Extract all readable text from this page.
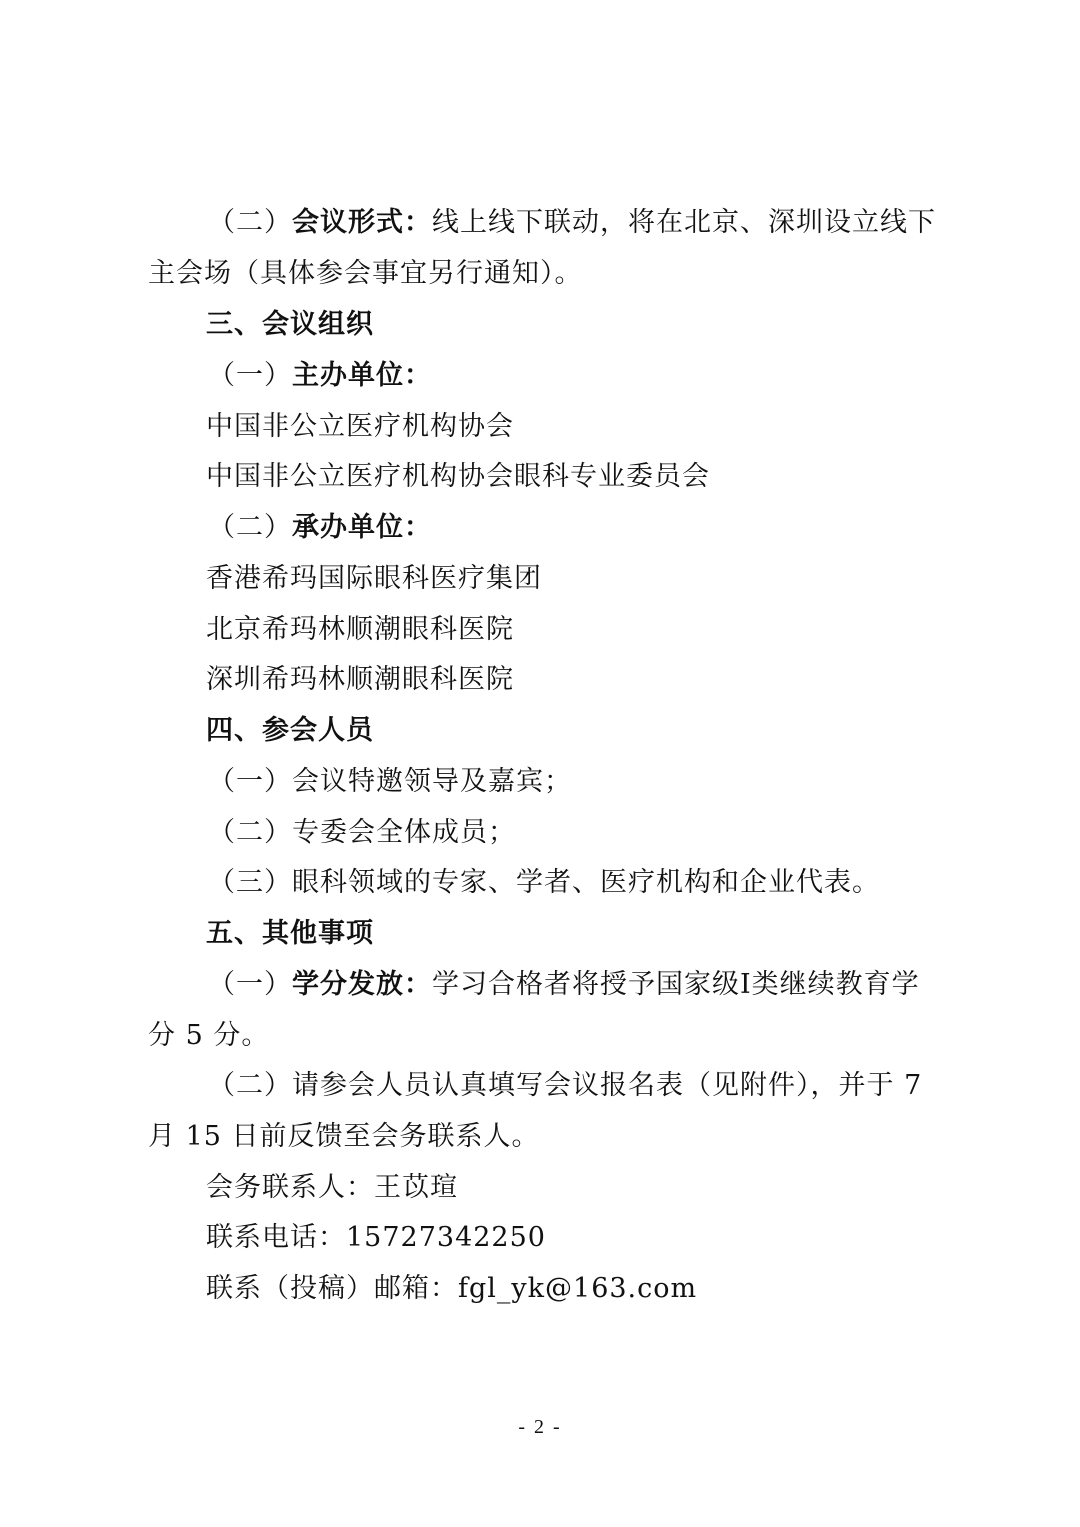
（二）会议形式：线上线下联动，将在北京、深圳设立线下
主会场（具体参会事宜另行通知）。
三、会议组织
（一）主办单位：
中国非公立医疗机构协会
中国非公立医疗机构协会眼科专业委员会
（二）承办单位：
香港希玛国际眼科医疗集团
北京希玛林顺潮眼科医院
深圳希玛林顺潮眼科医院
四、参会人员
（一）会议特邀领导及嘉宾；
（二）专委会全体成员；
（三）眼科领域的专家、学者、医疗机构和企业代表。
五、其他事项
（一）学分发放：学习合格者将授予国家级Ⅰ类继续教育学
分 5 分。
（二）请参会人员认真填写会议报名表（见附件），并于 7
月 15 日前反馈至会务联系人。
会务联系人：王苡瑄
联系电话：15727342250
联系（投稿）邮箱：fgl_yk@163.com
- 2 -
